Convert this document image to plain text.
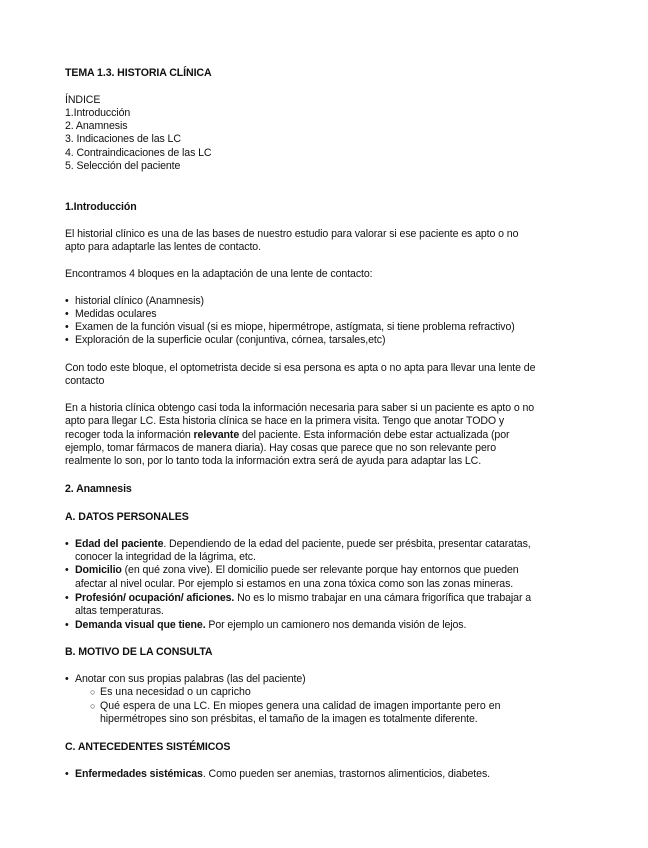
TEMA 1.3. HISTORIA CLÍNICA
ÍNDICE
1.Introducción
2. Anamnesis
3. Indicaciones de las LC
4. Contraindicaciones de las LC
5. Selección del paciente
1.Introducción
El historial clínico es una de las bases de nuestro estudio para valorar si ese paciente es apto o no
apto para adaptarle las lentes de contacto.
Encontramos 4 bloques en la adaptación de una lente de contacto:
• historial clínico (Anamnesis)
• Medidas oculares
• Examen de la función visual (si es miope, hipermétrope, astígmata, si tiene problema refractivo)
• Exploración de la superficie ocular (conjuntiva, córnea, tarsales,etc)
Con todo este bloque, el optometrista decide si esa persona es apta o no apta para llevar una lente de
contacto
En a historia clínica obtengo casi toda la información necesaria para saber si un paciente es apto o no
apto para llegar LC. Esta historia clínica se hace en la primera visita. Tengo que anotar TODO y
recoger toda la información relevante del paciente. Esta información debe estar actualizada (por
ejemplo, tomar fármacos de manera diaria). Hay cosas que parece que no son relevante pero
realmente lo son, por lo tanto toda la información extra será de ayuda para adaptar las LC.
2. Anamnesis
A. DATOS PERSONALES
• Edad del paciente. Dependiendo de la edad del paciente, puede ser présbita, presentar cataratas,
conocer la integridad de la lágrima, etc.
• Domicilio (en qué zona vive). El domicilio puede ser relevante porque hay entornos que pueden
afectar al nivel ocular. Por ejemplo si estamos en una zona tóxica como son las zonas mineras.
• Profesión/ ocupación/ aficiones. No es lo mismo trabajar en una cámara frigorífica que trabajar a
altas temperaturas.
• Demanda visual que tiene. Por ejemplo un camionero nos demanda visión de lejos.
B. MOTIVO DE LA CONSULTA
• Anotar con sus propias palabras (las del paciente)
○ Es una necesidad o un capricho
○ Qué espera de una LC. En miopes genera una calidad de imagen importante pero en
hipermétropes sino son présbitas, el tamaño de la imagen es totalmente diferente.
C. ANTECEDENTES SISTÉMICOS
• Enfermedades sistémicas. Como pueden ser anemias, trastornos alimenticios, diabetes.
